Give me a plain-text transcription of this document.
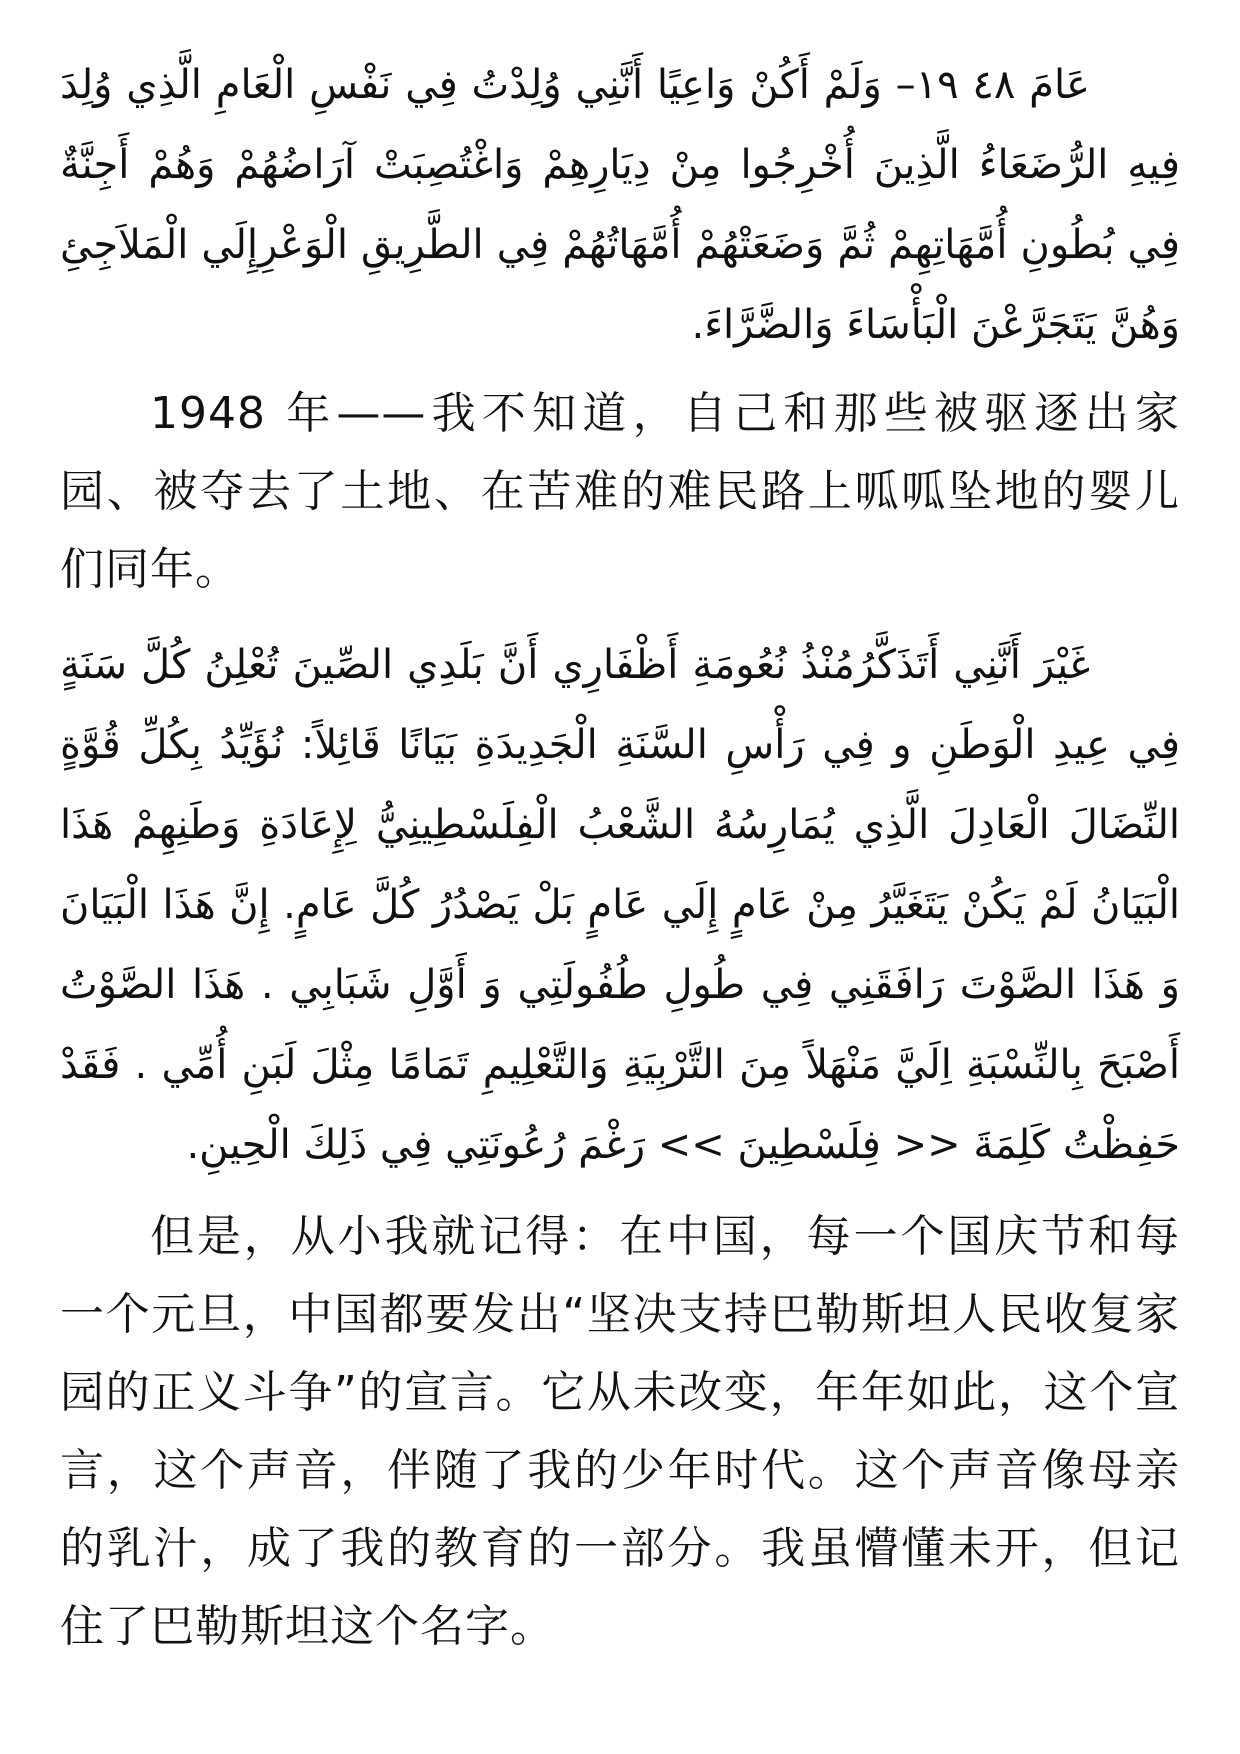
عَامَ ٤٨ ١٩– وَلَمْ أَكُنْ وَاعِيًا أَنَّنِي وُلِدْتُ فِي نَفْسِ الْعَامِ الَّذِي وُلِدَ فِيهِ الرُّضَعَاءُ الَّذِينَ أُخْرِجُوا مِنْ دِيَارِهِمْ وَاغْتُصِبَتْ آرَاضُهُمْ وَهُمْ أَجِنَّةٌ فِي بُطُونِ أُمَّهَاتِهِمْ ثُمَّ وَضَعَتْهُمْ أُمَّهَاتُهُمْ فِي الطَّرِيقِ الْوَعْرِإِلَي الْمَلاَجِئِ وَهُنَّ يَتَجَرَّعْنَ الْبَأْسَاءَ وَالضَّرَّاءَ.

1948 年——我不知道，自己和那些被驱逐出家园、被夺去了土地、在苦难的难民路上呱呱坠地的婴儿们同年。

غَيْرَ أَنَّنِي أَتَذَكَّرُمُنْذُ نُعُومَةِ أَظْفَارِي أَنَّ بَلَدِي الصِّينَ تُعْلِنُ كُلَّ سَنَةٍ فِي عِيدِ الْوَطَنِ و فِي رَأْسِ السَّنَةِ الْجَدِيدَةِ بَيَانًا قَائِلاً: نُؤَيِّدُ بِكُلِّ قُوَّةٍ النِّضَالَ الْعَادِلَ الَّذِي يُمَارِسُهُ الشَّعْبُ الْفِلَسْطِينِيُّ لِإِعَادَةِ وَطَنِهِمْ هَذَا الْبَيَانُ لَمْ يَكُنْ يَتَغَيَّرُ مِنْ عَامٍ إِلَي عَامٍ بَلْ يَصْدُرُ كُلَّ عَامٍ. إِنَّ هَذَا الْبَيَانَ وَ هَذَا الصَّوْتَ رَافَقَنِي فِي طُولِ طُفُولَتِي وَ أَوَّلِ شَبَابِي . هَذَا الصَّوْتُ أَصْبَحَ بِالنِّسْبَةِ اِلَيَّ مَنْهَلاً مِنَ التَّرْبِيَةِ وَالتَّعْلِيمِ تَمَامًا مِثْلَ لَبَنِ أُمِّي . فَقَدْ حَفِظْتُ كَلِمَةَ << فِلَسْطِينَ >> رَغْمَ رُعُونَتِي فِي ذَلِكَ الْحِينِ.

但是，从小我就记得：在中国，每一个国庆节和每一个元旦，中国都要发出“坚决支持巴勒斯坦人民收复家园的正义斗争”的宣言。它从未改变，年年如此，这个宣言，这个声音，伴随了我的少年时代。这个声音像母亲的乳汁，成了我的教育的一部分。我虽懵懂未开，但记住了巴勒斯坦这个名字。
